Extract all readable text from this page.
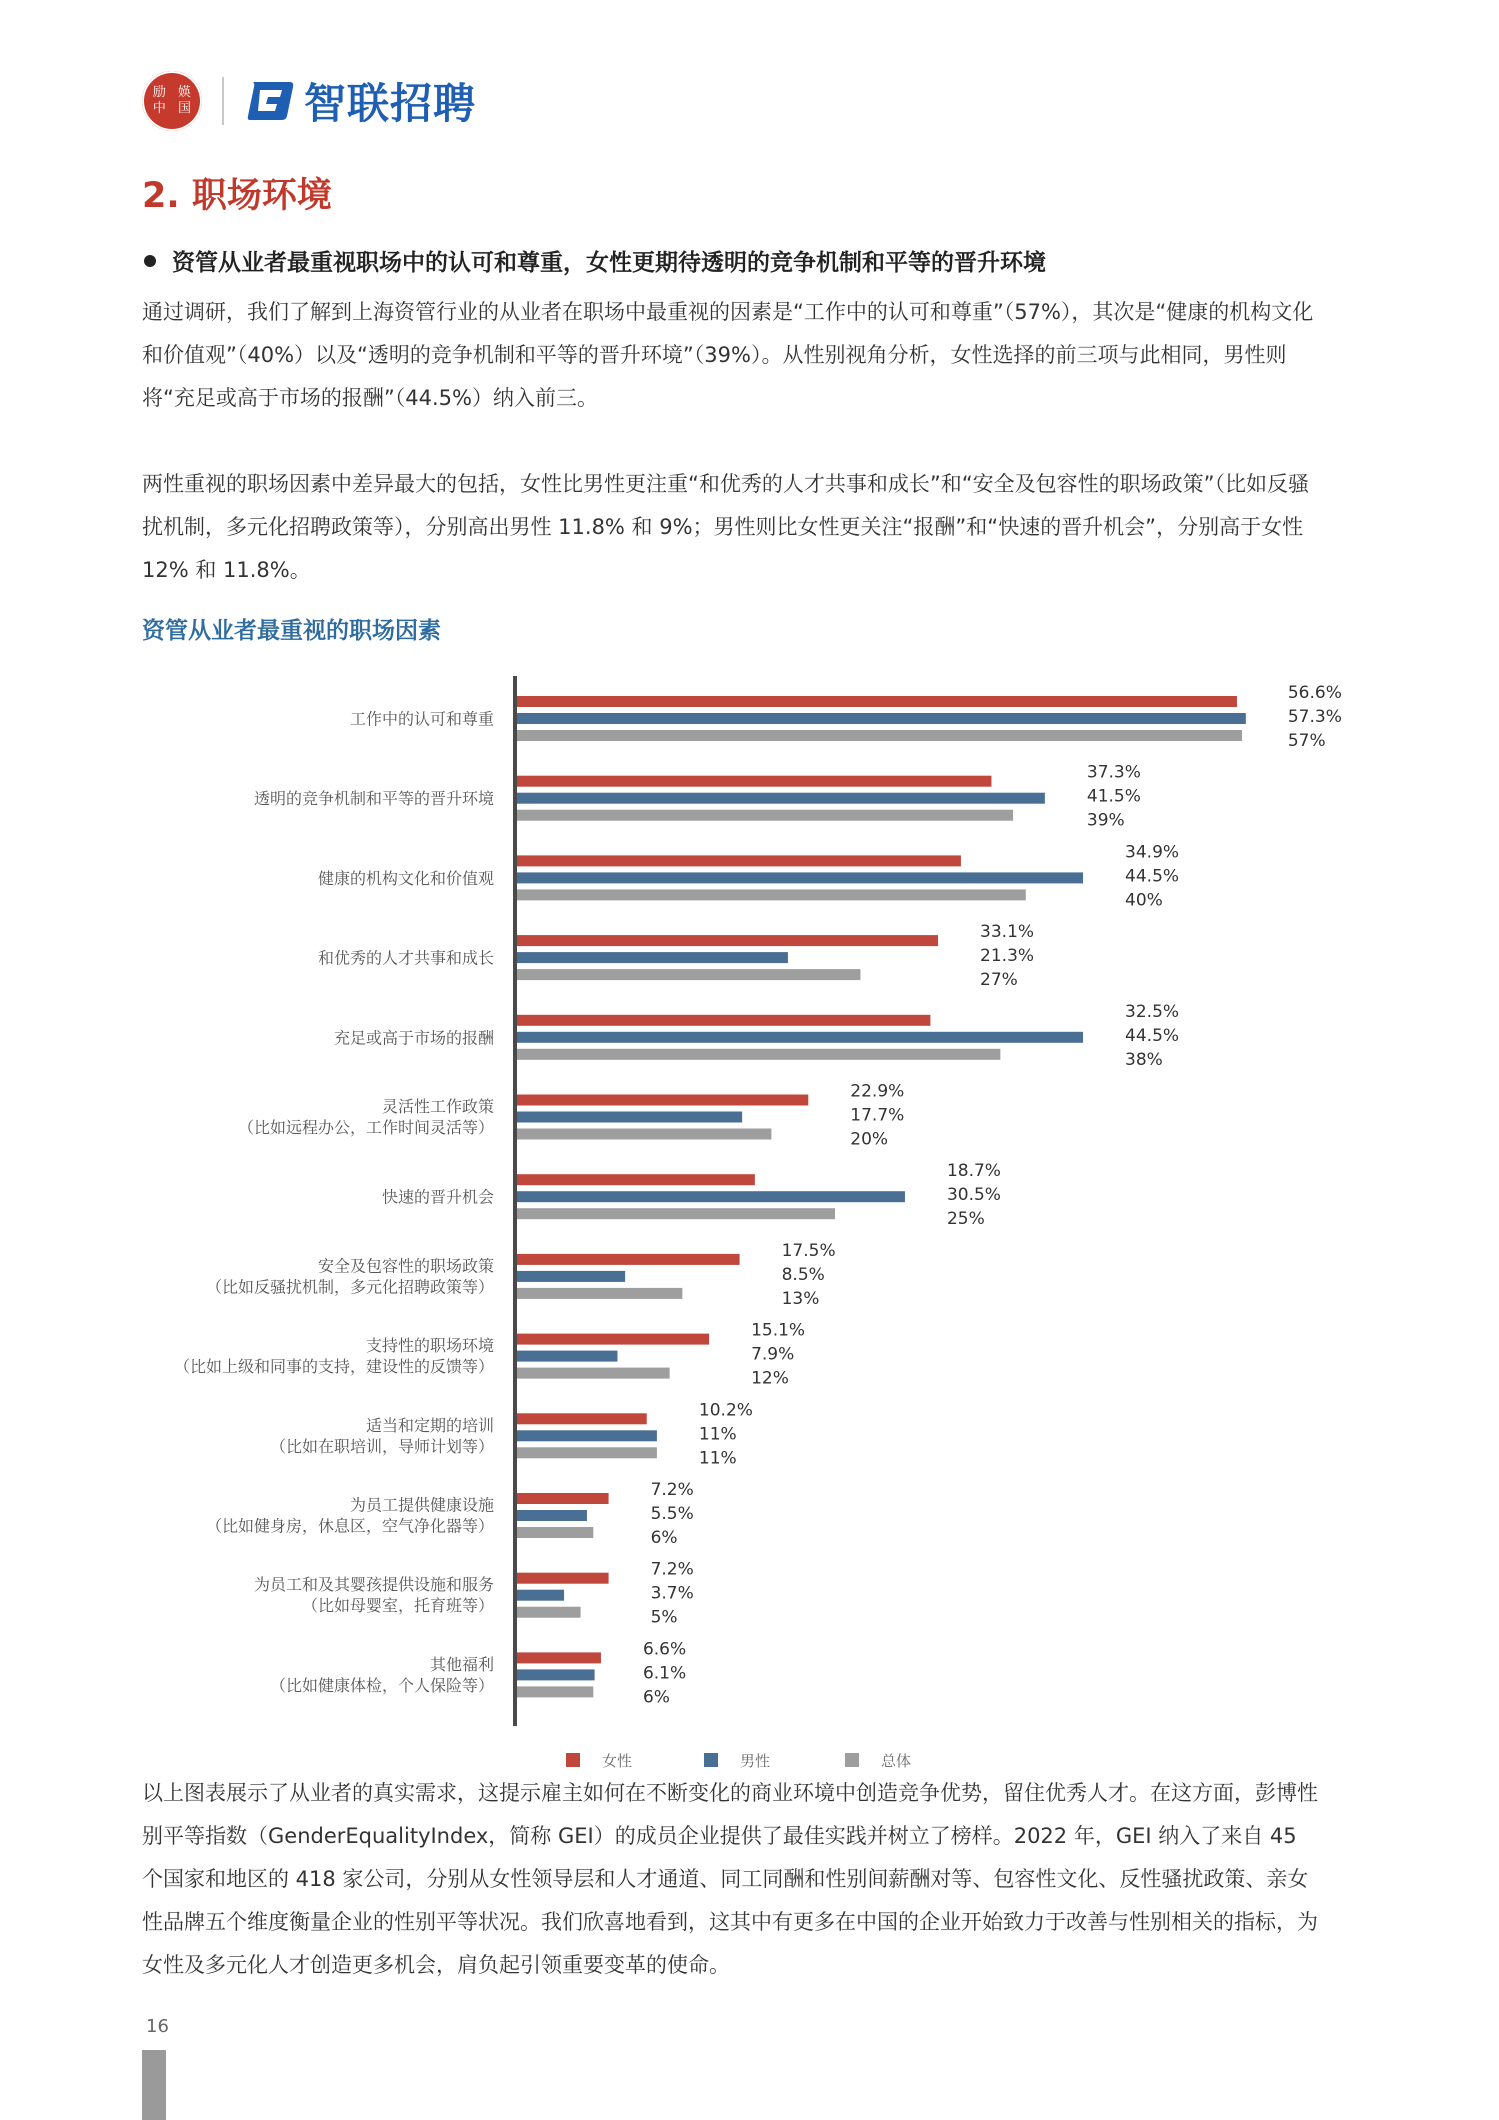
励 媖
中 国	智联招聘
2. 职场环境
资管从业者最重视职场中的认可和尊重，女性更期待透明的竞争机制和平等的晋升环境

通过调研，我们了解到上海资管行业的从业者在职场中最重视的因素是“工作中的认可和尊重”（57%），其次是“健康的机构文化和价值观”（40%）以及“透明的竞争机制和平等的晋升环境”（39%）。从性别视角分析，女性选择的前三项与此相同，男性则将“充足或高于市场的报酬”（44.5%）纳入前三。

两性重视的职场因素中差异最大的包括，女性比男性更注重“和优秀的人才共事和成长”和“安全及包容性的职场政策”（比如反骚扰机制，多元化招聘政策等），分别高出男性 11.8% 和 9%；男性则比女性更关注“报酬”和“快速的晋升机会”，分别高于女性 12% 和 11.8%。

资管从业者最重视的职场因素
工作中的认可和尊重
56.6%
57.3%
57%
透明的竞争机制和平等的晋升环境
37.3%
41.5%
39%
健康的机构文化和价值观
34.9%
44.5%
40%
和优秀的人才共事和成长
33.1%
21.3%
27%
充足或高于市场的报酬
32.5%
44.5%
38%
灵活性工作政策
（比如远程办公，工作时间灵活等）
22.9%
17.7%
20%
快速的晋升机会
18.7%
30.5%
25%
安全及包容性的职场政策
（比如反骚扰机制，多元化招聘政策等）
17.5%
8.5%
13%
支持性的职场环境
（比如上级和同事的支持，建设性的反馈等）
15.1%
7.9%
12%
适当和定期的培训
（比如在职培训，导师计划等）
10.2%
11%
11%
为员工提供健康设施
（比如健身房，休息区，空气净化器等）
7.2%
5.5%
6%
为员工和及其婴孩提供设施和服务
（比如母婴室，托育班等）
7.2%
3.7%
5%
其他福利
（比如健康体检，个人保险等）
6.6%
6.1%
6%
女性	男性	总体

以上图表展示了从业者的真实需求，这提示雇主如何在不断变化的商业环境中创造竞争优势，留住优秀人才。在这方面，彭博性别平等指数（GenderEqualityIndex，简称 GEI）的成员企业提供了最佳实践并树立了榜样。2022 年，GEI 纳入了来自 45 个国家和地区的 418 家公司，分别从女性领导层和人才通道、同工同酬和性别间薪酬对等、包容性文化、反性骚扰政策、亲女性品牌五个维度衡量企业的性别平等状况。我们欣喜地看到，这其中有更多在中国的企业开始致力于改善与性别相关的指标，为女性及多元化人才创造更多机会，肩负起引领重要变革的使命。

16
